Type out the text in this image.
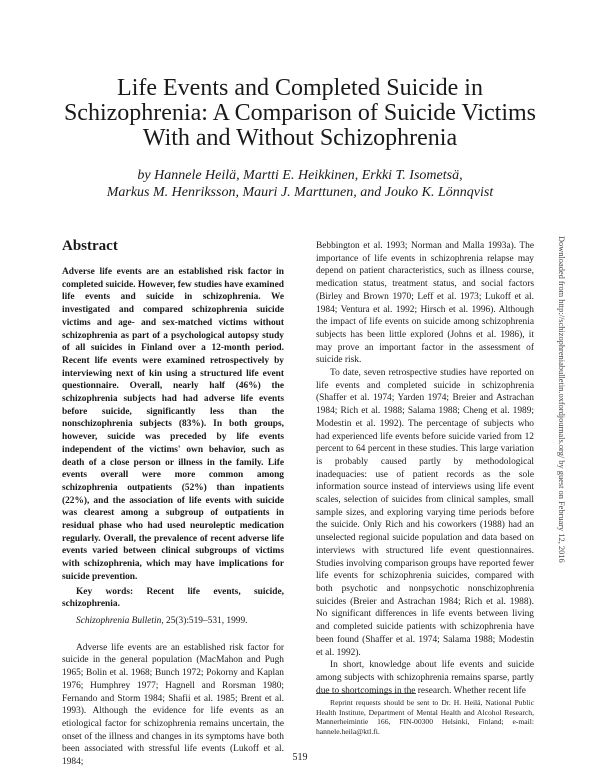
Life Events and Completed Suicide in
Schizophrenia: A Comparison of Suicide Victims
With and Without Schizophrenia
by Hannele Heilä, Martti E. Heikkinen, Erkki T. Isometsä,
Markus M. Henriksson, Mauri J. Marttunen, and Jouko K. Lönnqvist
Abstract

Adverse life events are an established risk factor in completed suicide. However, few studies have examined life events and suicide in schizophrenia. We investigated and compared schizophrenia suicide victims and age- and sex-matched victims without schizophrenia as part of a psychological autopsy study of all suicides in Finland over a 12-month period. Recent life events were examined retrospectively by interviewing next of kin using a structured life event questionnaire. Overall, nearly half (46%) the schizophrenia subjects had had adverse life events before suicide, significantly less than the nonschizophrenia subjects (83%). In both groups, however, suicide was preceded by life events independent of the victims' own behavior, such as death of a close person or illness in the family. Life events overall were more common among schizophrenia outpatients (52%) than inpatients (22%), and the association of life events with suicide was clearest among a subgroup of outpatients in residual phase who had used neuroleptic medication regularly. Overall, the prevalence of recent adverse life events varied between clinical subgroups of victims with schizophrenia, which may have implications for suicide prevention.

Key words: Recent life events, suicide, schizophrenia.

Schizophrenia Bulletin, 25(3):519–531, 1999.

Adverse life events are an established risk factor for suicide in the general population (MacMahon and Pugh 1965; Bolin et al. 1968; Bunch 1972; Pokorny and Kaplan 1976; Humphrey 1977; Hagnell and Rorsman 1980; Fernando and Storm 1984; Shafii et al. 1985; Brent et al. 1993). Although the evidence for life events as an etiological factor for schizophrenia remains uncertain, the onset of the illness and changes in its symptoms have both been associated with stressful life events (Lukoff et al. 1984;

Bebbington et al. 1993; Norman and Malla 1993a). The importance of life events in schizophrenia relapse may depend on patient characteristics, such as illness course, medication status, treatment status, and social factors (Birley and Brown 1970; Leff et al. 1973; Lukoff et al. 1984; Ventura et al. 1992; Hirsch et al. 1996). Although the impact of life events on suicide among schizophrenia subjects has been little explored (Johns et al. 1986), it may prove an important factor in the assessment of suicide risk.

To date, seven retrospective studies have reported on life events and completed suicide in schizophrenia (Shaffer et al. 1974; Yarden 1974; Breier and Astrachan 1984; Rich et al. 1988; Salama 1988; Cheng et al. 1989; Modestin et al. 1992). The percentage of subjects who had experienced life events before suicide varied from 12 percent to 64 percent in these studies. This large variation is probably caused partly by methodological inadequacies: use of patient records as the sole information source instead of interviews using life event scales, selection of suicides from clinical samples, small sample sizes, and exploring varying time periods before the suicide. Only Rich and his coworkers (1988) had an unselected regional suicide population and data based on interviews with structured life event questionnaires. Studies involving comparison groups have reported fewer life events for schizophrenia suicides, compared with both psychotic and nonpsychotic nonschizophrenia suicides (Breier and Astrachan 1984; Rich et al. 1988). No significant differences in life events between living and completed suicide patients with schizophrenia have been found (Shaffer et al. 1974; Salama 1988; Modestin et al. 1992).

In short, knowledge about life events and suicide among subjects with schizophrenia remains sparse, partly due to shortcomings in the research. Whether recent life

Reprint requests should be sent to Dr. H. Heilä, National Public Health Institute, Department of Mental Health and Alcohol Research, Mannerheimintie 166, FIN-00300 Helsinki, Finland; e-mail: hannele.heila@ktl.fi.
519
Downloaded from http://schizophreniabulletin.oxfordjournals.org/ by guest on February 12, 2016
